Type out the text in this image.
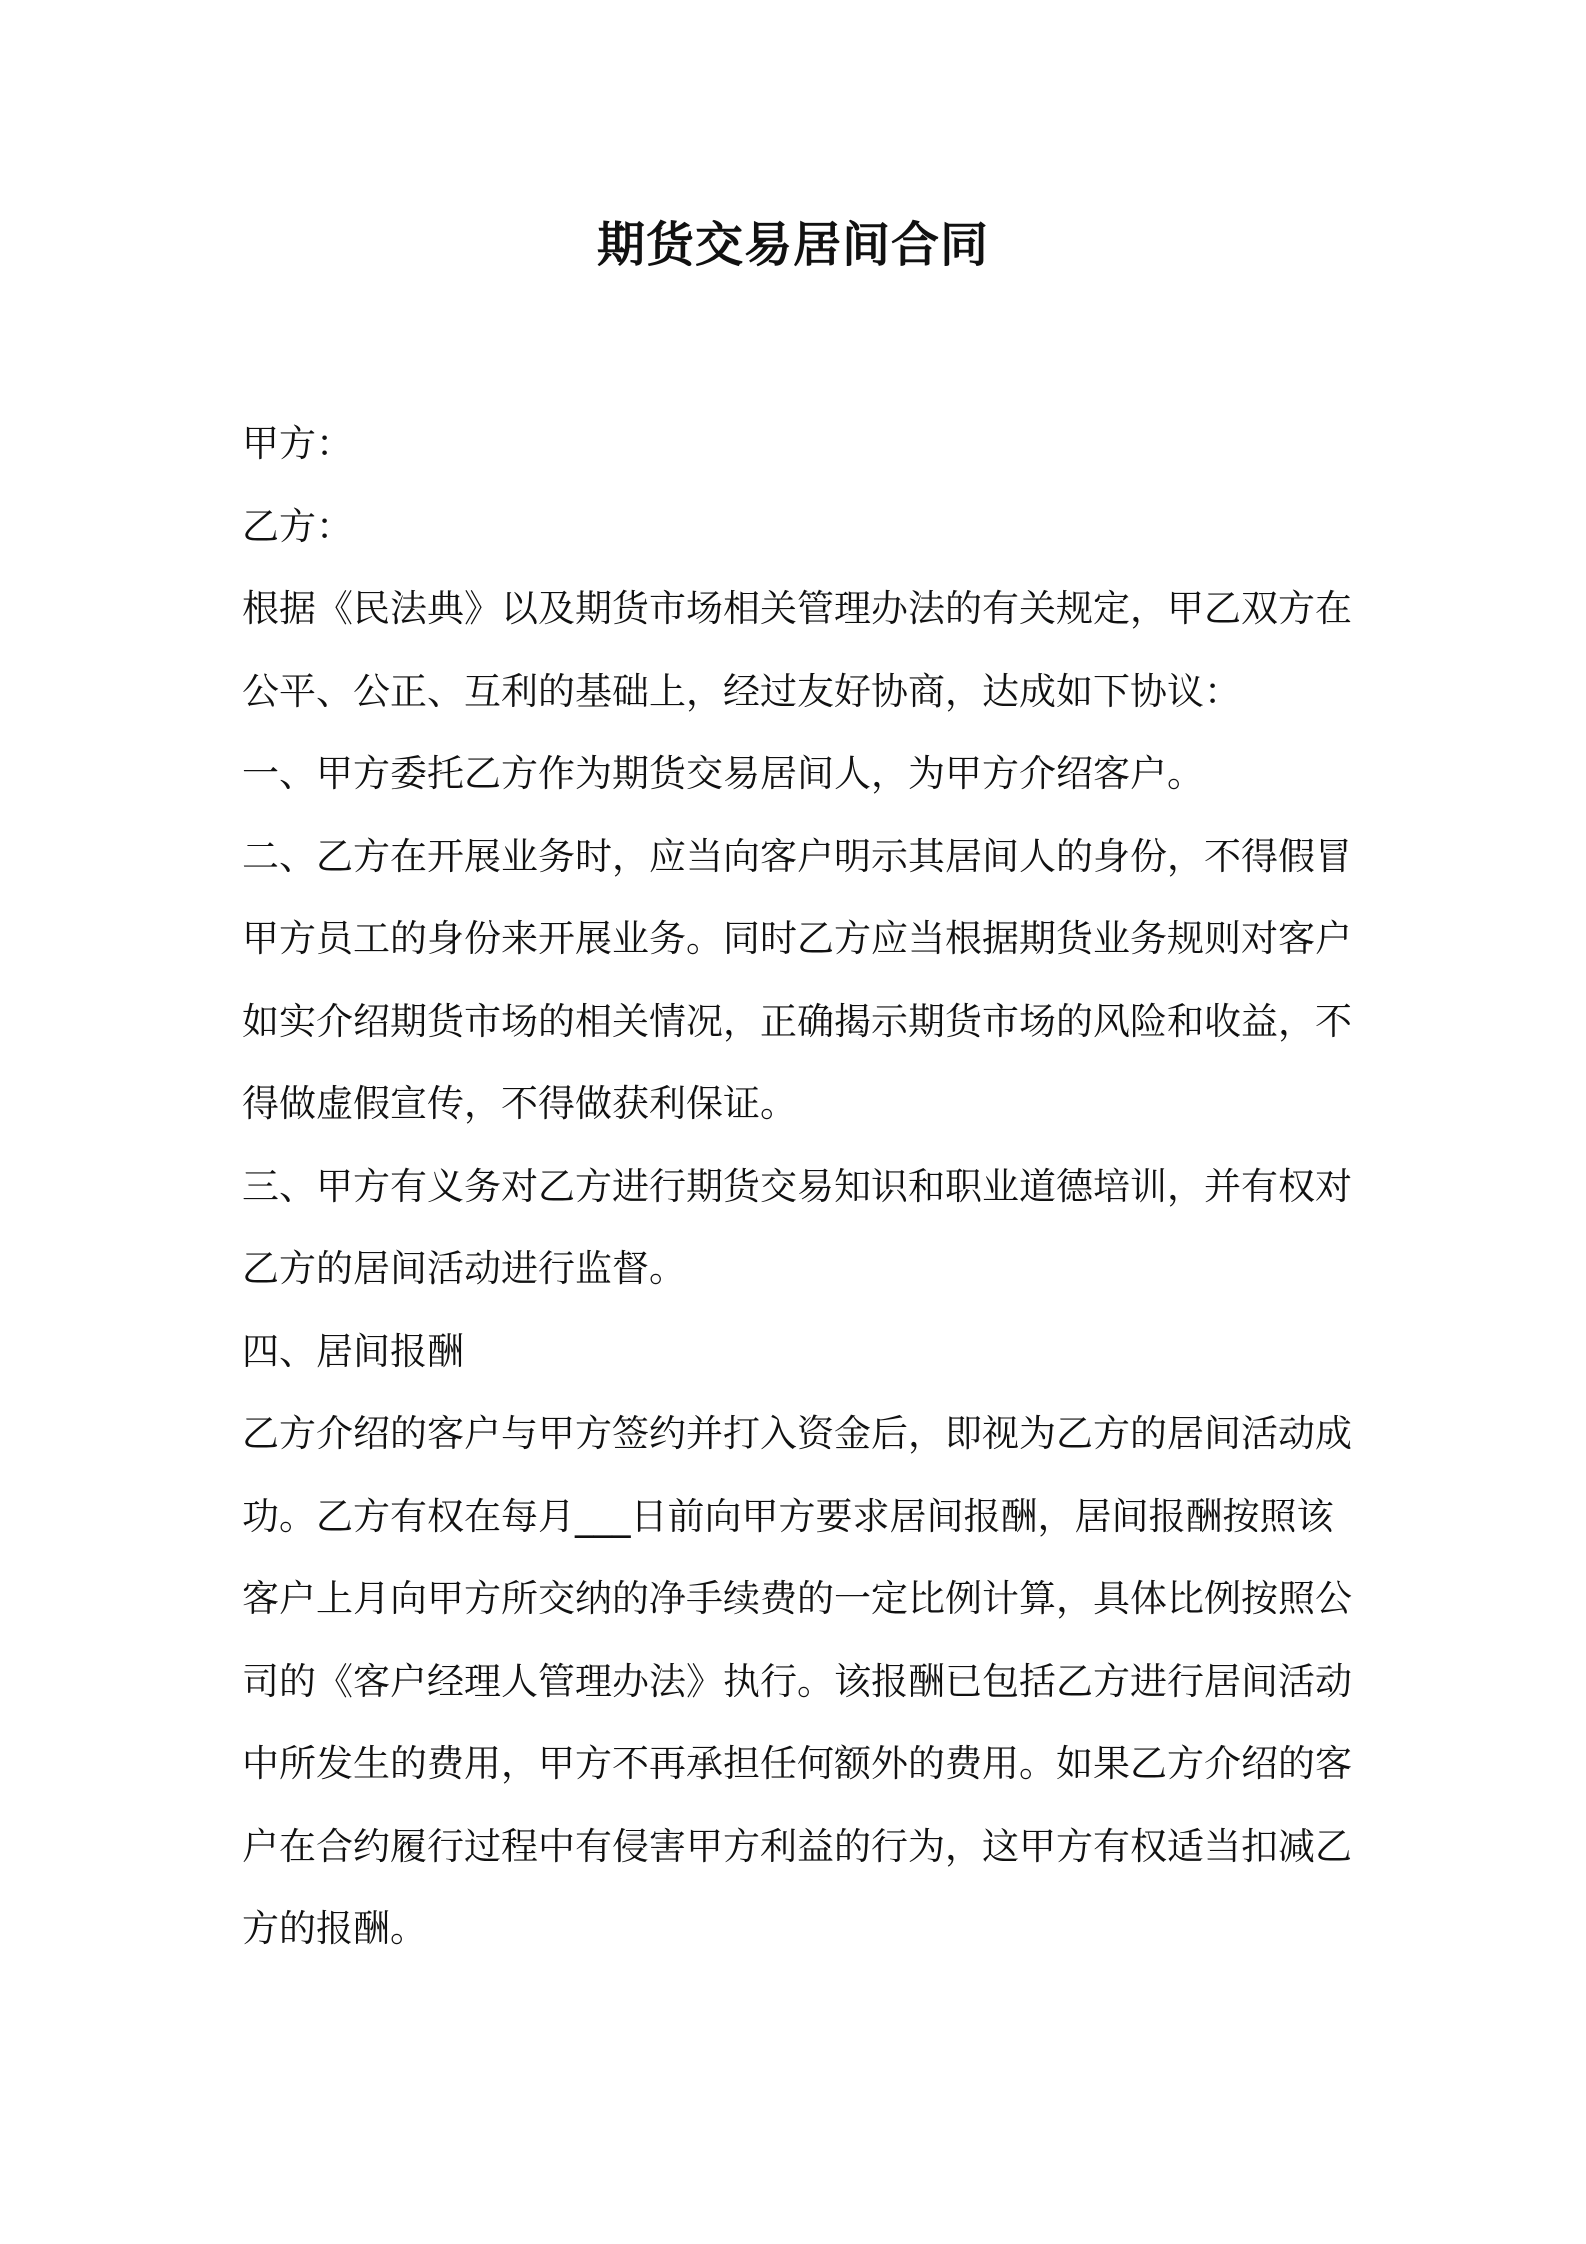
期货交易居间合同
甲方：
乙方：
根据《民法典》以及期货市场相关管理办法的有关规定，甲乙双方在
公平、公正、互利的基础上，经过友好协商，达成如下协议：
一、甲方委托乙方作为期货交易居间人，为甲方介绍客户。
二、乙方在开展业务时，应当向客户明示其居间人的身份，不得假冒
甲方员工的身份来开展业务。同时乙方应当根据期货业务规则对客户
如实介绍期货市场的相关情况，正确揭示期货市场的风险和收益，不
得做虚假宣传，不得做获利保证。
三、甲方有义务对乙方进行期货交易知识和职业道德培训，并有权对
乙方的居间活动进行监督。
四、居间报酬
乙方介绍的客户与甲方签约并打入资金后，即视为乙方的居间活动成
功。乙方有权在每月___日前向甲方要求居间报酬，居间报酬按照该
客户上月向甲方所交纳的净手续费的一定比例计算，具体比例按照公
司的《客户经理人管理办法》执行。该报酬已包括乙方进行居间活动
中所发生的费用，甲方不再承担任何额外的费用。如果乙方介绍的客
户在合约履行过程中有侵害甲方利益的行为，这甲方有权适当扣减乙
方的报酬。
